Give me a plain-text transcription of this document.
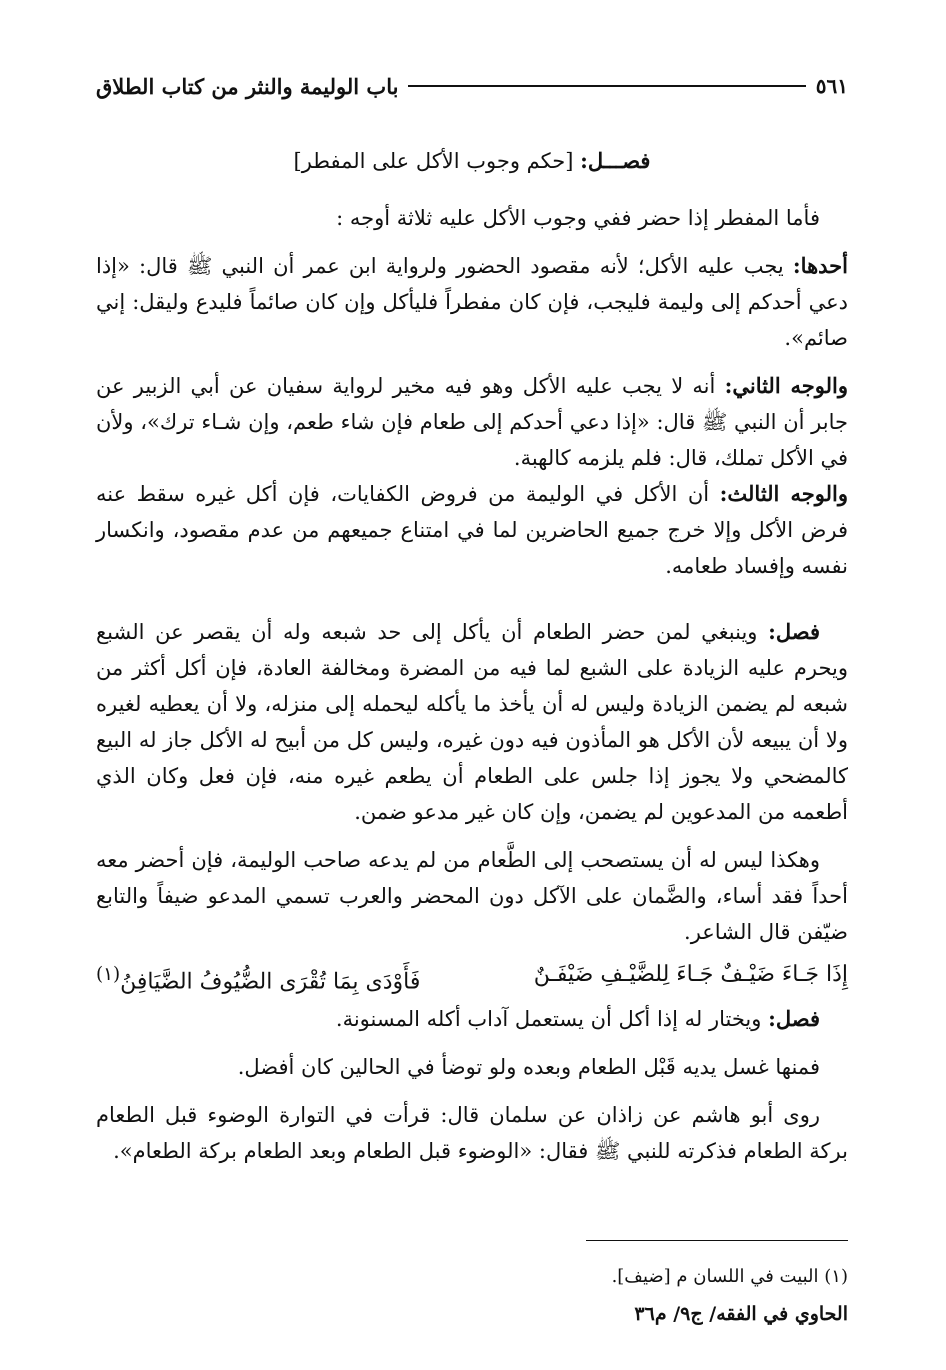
باب الوليمة والنثر من كتاب الطلاق	٥٦١

فصـــل: [حكم وجوب الأكل على المفطر]

فأما المفطر إذا حضر ففي وجوب الأكل عليه ثلاثة أوجه :

أحدها: يجب عليه الأكل؛ لأنه مقصود الحضور ولرواية ابن عمر أن النبي ﷺ قال: «إذا دعي أحدكم إلى وليمة فليجب، فإن كان مفطراً فليأكل وإن كان صائماً فليدع وليقل: إني صائم».

والوجه الثاني: أنه لا يجب عليه الأكل وهو فيه مخير لرواية سفيان عن أبي الزبير عن جابر أن النبي ﷺ قال: «إذا دعي أحدكم إلى طعام فإن شاء طعم، وإن شـاء ترك»، ولأن في الأكل تملك، قال: فلم يلزمه كالهبة.

والوجه الثالث: أن الأكل في الوليمة من فروض الكفايات، فإن أكل غيره سقط عنه فرض الأكل وإلا خرج جميع الحاضرين لما في امتناع جميعهم من عدم مقصود، وانكسار نفسه وإفساد طعامه.

فصل: وينبغي لمن حضر الطعام أن يأكل إلى حد شبعه وله أن يقصر عن الشبع ويحرم عليه الزيادة على الشبع لما فيه من المضرة ومخالفة العادة، فإن أكل أكثر من شبعه لم يضمن الزيادة وليس له أن يأخذ ما يأكله ليحمله إلى منزله، ولا أن يعطيه لغيره ولا أن يبيعه لأن الأكل هو المأذون فيه دون غيره، وليس كل من أبيح له الأكل جاز له البيع كالمضحي ولا يجوز إذا جلس على الطعام أن يطعم غيره منه، فإن فعل وكان الذي أطعمه من المدعوين لم يضمن، وإن كان غير مدعو ضمن.

وهكذا ليس له أن يستصحب إلى الطَّعام من لم يدعه صاحب الوليمة، فإن أحضر معه أحداً فقد أساء، والضَّمان على الآكل دون المحضر والعرب تسمي المدعو ضيفاً والتابع ضيّفن قال الشاعر.

إِذَا جَـاءَ ضَيْـفٌ جَـاءَ لِلضَّيْـفِ ضَيْفَـنٌ
فَأَوْدَى بِمَا تُقْرَى الضُّيُوفُ الضَّيَافِنُ$^{(١)}$

فصل: ويختار له إذا أكل أن يستعمل آداب أكله المسنونة.

فمنها غسل يديه قَبْل الطعام وبعده ولو توضأ في الحالين كان أفضل.

روى أبو هاشم عن زاذان عن سلمان قال: قرأت في التوارة الوضوء قبل الطعام بركة الطعام فذكرته للنبي ﷺ فقال: «الوضوء قبل الطعام وبعد الطعام بركة الطعام».

(١) البيت في اللسان م [ضيف].
الحاوي في الفقه/ ج٩/ م٣٦
